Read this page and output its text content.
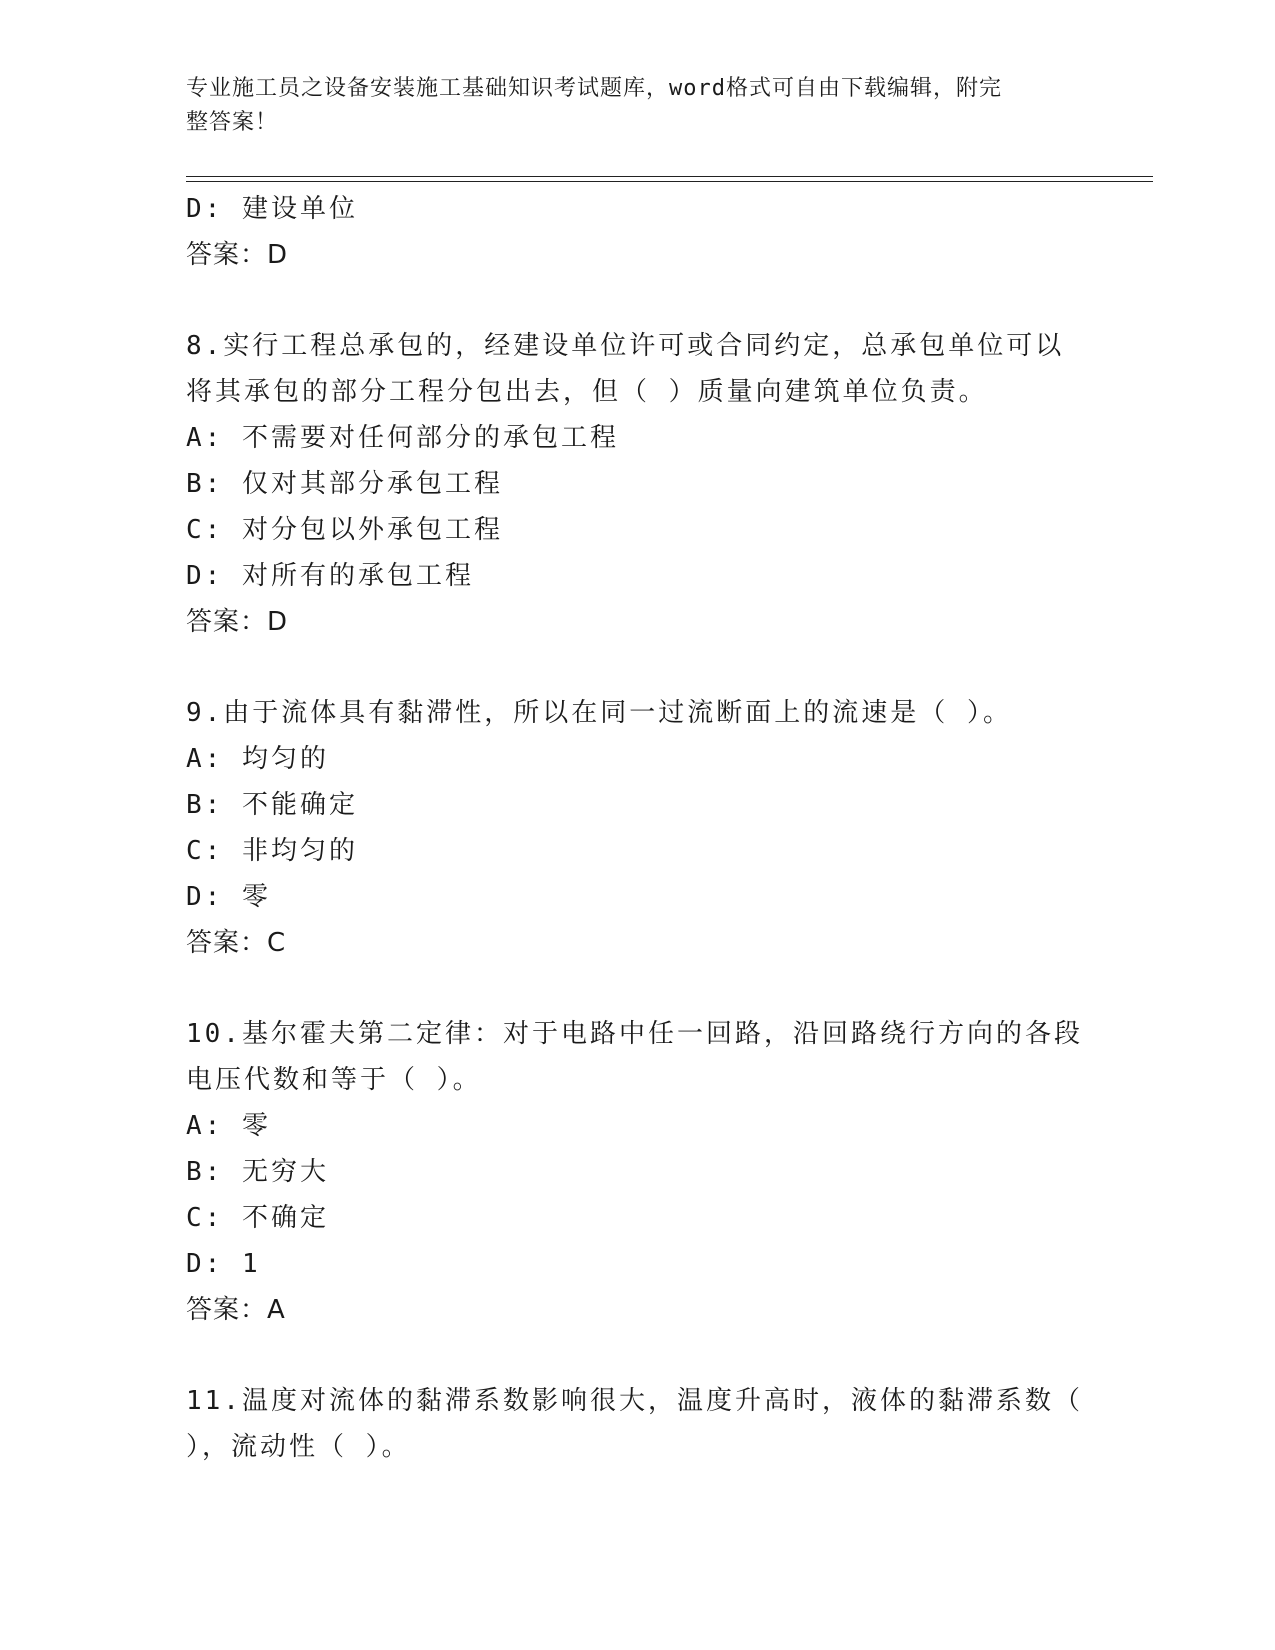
专业施工员之设备安装施工基础知识考试题库，word格式可自由下载编辑，附完
整答案！
D: 建设单位
答案：D
8.实行工程总承包的，经建设单位许可或合同约定，总承包单位可以
将其承包的部分工程分包出去，但（ ）质量向建筑单位负责。
A: 不需要对任何部分的承包工程
B: 仅对其部分承包工程
C: 对分包以外承包工程
D: 对所有的承包工程
答案：D
9.由于流体具有黏滞性，所以在同一过流断面上的流速是（ ）。
A: 均匀的
B: 不能确定
C: 非均匀的
D: 零
答案：C
10.基尔霍夫第二定律：对于电路中任一回路，沿回路绕行方向的各段
电压代数和等于（ ）。
A: 零
B: 无穷大
C: 不确定
D: 1
答案：A
11.温度对流体的黏滞系数影响很大，温度升高时，液体的黏滞系数（
），流动性（ ）。
